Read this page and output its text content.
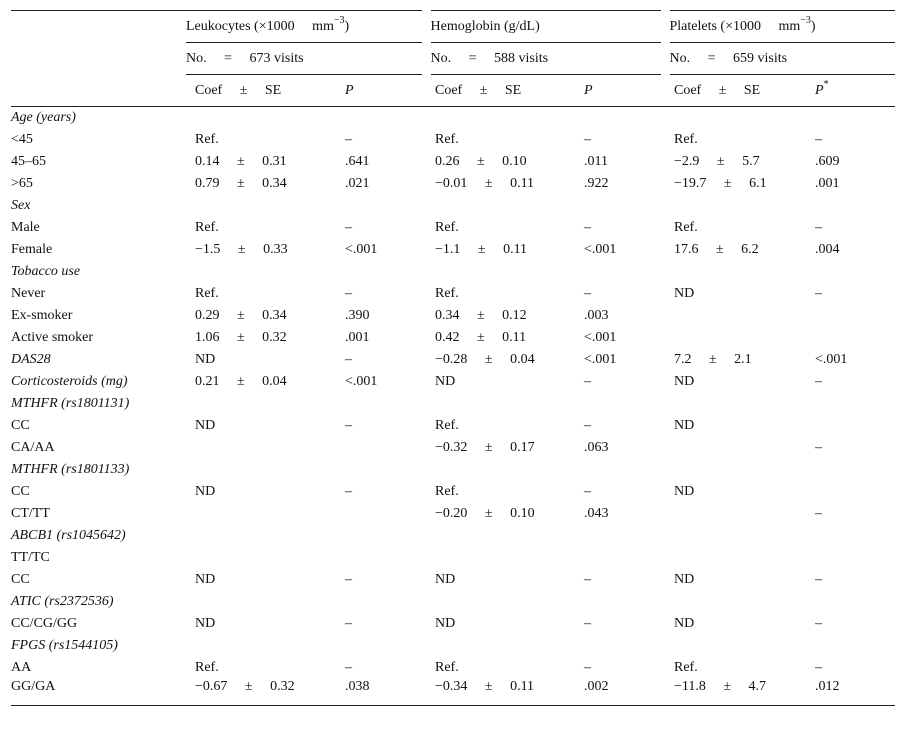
	Leukocytes (×1000     $mm^{-3}$)		Hemoglobin (g/dL)		Platelets (×1000     $mm^{-3}$)	
	No.     =     673 visits		No.     =     588 visits		No.     =     659 visits	
	Coef     ±     SE	P	Coef     ±     SE	P	Coef     ±     SE	P*
Age (years)						
<45	Ref.	–	Ref.	–	Ref.	–
45–65	0.14     ±     0.31	.641	0.26     ±     0.10	.011	−2.9     ±     5.7	.609
>65	0.79     ±     0.34	.021	−0.01     ±     0.11	.922	−19.7     ±     6.1	.001
Sex						
Male	Ref.	–	Ref.	–	Ref.	–
Female	−1.5     ±     0.33	<.001	−1.1     ±     0.11	<.001	17.6     ±     6.2	.004
Tobacco use						
Never	Ref.	–	Ref.	–	ND	–
Ex-smoker	0.29     ±     0.34	.390	0.34     ±     0.12	.003		
Active smoker	1.06     ±     0.32	.001	0.42     ±     0.11	<.001		
DAS28	ND	–	−0.28     ±     0.04	<.001	7.2     ±     2.1	<.001
Corticosteroids (mg)	0.21     ±     0.04	<.001	ND	–	ND	–
MTHFR (rs1801131)						
CC	ND	–	Ref.	–	ND	
CA/AA			−0.32     ±     0.17	.063		–
MTHFR (rs1801133)						
CC	ND	–	Ref.	–	ND	
CT/TT			−0.20     ±     0.10	.043		–
ABCB1 (rs1045642)						
TT/TC						
CC	ND	–	ND	–	ND	–
ATIC (rs2372536)						
CC/CG/GG	ND	–	ND	–	ND	–
FPGS (rs1544105)						
AA	Ref.	–	Ref.	–	Ref.	–
GG/GA	−0.67     ±     0.32	.038	−0.34     ±     0.11	.002	−11.8     ±     4.7	.012
